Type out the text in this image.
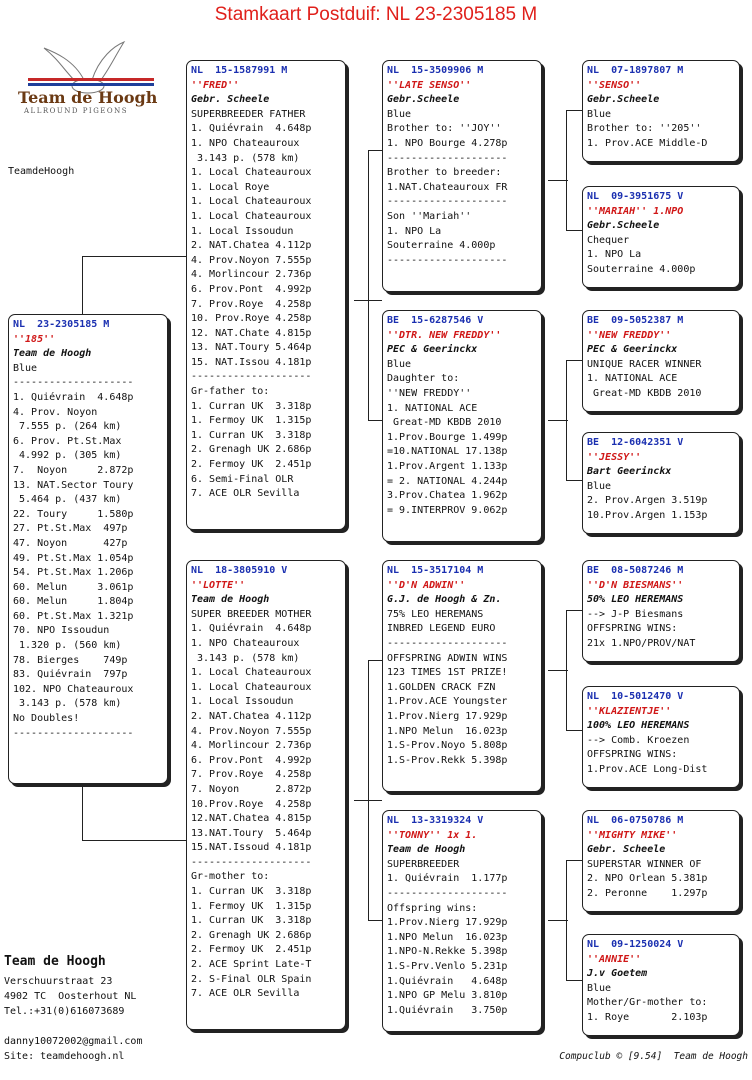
Stamkaart Postduif: NL 23-2305185 M
Team de Hoogh
ALLROUND PIGEONS
TeamdeHoogh
NL  23-2305185 M
''185''
Team de Hoogh
Blue
--------------------
1. Quiévrain  4.648p
4. Prov. Noyon
7.555 p. (264 km)
6. Prov. Pt.St.Max
4.992 p. (305 km)
7.  Noyon     2.872p
13. NAT.Sector Toury
5.464 p. (437 km)
22. Toury     1.580p
27. Pt.St.Max  497p
47. Noyon      427p
49. Pt.St.Max 1.054p
54. Pt.St.Max 1.206p
60. Melun     3.061p
60. Melun     1.804p
60. Pt.St.Max 1.321p
70. NPO Issoudun
1.320 p. (560 km)
78. Bierges    749p
83. Quiévrain  797p
102. NPO Chateauroux
3.143 p. (578 km)
No Doubles!
--------------------
NL  15-1587991 M
''FRED''
Gebr. Scheele
SUPERBREEDER FATHER
1. Quiévrain  4.648p
1. NPO Chateauroux
3.143 p. (578 km)
1. Local Chateauroux
1. Local Roye
1. Local Chateauroux
1. Local Chateauroux
1. Local Issoudun
2. NAT.Chatea 4.112p
4. Prov.Noyon 7.555p
4. Morlincour 2.736p
6. Prov.Pont  4.992p
7. Prov.Roye  4.258p
10. Prov.Roye 4.258p
12. NAT.Chate 4.815p
13. NAT.Toury 5.464p
15. NAT.Issou 4.181p
--------------------
Gr-father to:
1. Curran UK  3.318p
1. Fermoy UK  1.315p
1. Curran UK  3.318p
2. Grenagh UK 2.686p
2. Fermoy UK  2.451p
6. Semi-Final OLR
7. ACE OLR Sevilla
NL  18-3805910 V
''LOTTE''
Team de Hoogh
SUPER BREEDER MOTHER
1. Quiévrain  4.648p
1. NPO Chateauroux
3.143 p. (578 km)
1. Local Chateauroux
1. Local Chateauroux
1. Local Issoudun
2. NAT.Chatea 4.112p
4. Prov.Noyon 7.555p
4. Morlincour 2.736p
6. Prov.Pont  4.992p
7. Prov.Roye  4.258p
7. Noyon      2.872p
10.Prov.Roye  4.258p
12.NAT.Chatea 4.815p
13.NAT.Toury  5.464p
15.NAT.Issoud 4.181p
--------------------
Gr-mother to:
1. Curran UK  3.318p
1. Fermoy UK  1.315p
1. Curran UK  3.318p
2. Grenagh UK 2.686p
2. Fermoy UK  2.451p
2. ACE Sprint Late-T
2. S-Final OLR Spain
7. ACE OLR Sevilla
NL  15-3509906 M
''LATE SENSO''
Gebr.Scheele
Blue
Brother to: ''JOY''
1. NPO Bourge 4.278p
--------------------
Brother to breeder:
1.NAT.Chateauroux FR
--------------------
Son ''Mariah''
1. NPO La
Souterraine 4.000p
--------------------
BE  15-6287546 V
''DTR. NEW FREDDY''
PEC & Geerinckx
Blue
Daughter to:
''NEW FREDDY''
1. NATIONAL ACE
Great-MD KBDB 2010
1.Prov.Bourge 1.499p
=10.NATIONAL 17.138p
1.Prov.Argent 1.133p
= 2. NATIONAL 4.244p
3.Prov.Chatea 1.962p
= 9.INTERPROV 9.062p
NL  15-3517104 M
''D'N ADWIN''
G.J. de Hoogh & Zn.
75% LEO HEREMANS
INBRED LEGEND EURO
--------------------
OFFSPRING ADWIN WINS
123 TIMES 1ST PRIZE!
1.GOLDEN CRACK FZN
1.Prov.ACE Youngster
1.Prov.Nierg 17.929p
1.NPO Melun  16.023p
1.S-Prov.Noyo 5.808p
1.S-Prov.Rekk 5.398p
NL  13-3319324 V
''TONNY'' 1x 1.
Team de Hoogh
SUPERBREEDER
1. Quiévrain  1.177p
--------------------
Offspring wins:
1.Prov.Nierg 17.929p
1.NPO Melun  16.023p
1.NPO-N.Rekke 5.398p
1.S-Prv.Venlo 5.231p
1.Quiévrain   4.648p
1.NPO GP Melu 3.810p
1.Quiévrain   3.750p
NL  07-1897807 M
''SENSO''
Gebr.Scheele
Blue
Brother to: ''205''
1. Prov.ACE Middle-D
NL  09-3951675 V
''MARIAH'' 1.NPO
Gebr.Scheele
Chequer
1. NPO La
Souterraine 4.000p
BE  09-5052387 M
''NEW FREDDY''
PEC & Geerinckx
UNIQUE RACER WINNER
1. NATIONAL ACE
Great-MD KBDB 2010
BE  12-6042351 V
''JESSY''
Bart Geerinckx
Blue
2. Prov.Argen 3.519p
10.Prov.Argen 1.153p
BE  08-5087246 M
''D'N BIESMANS''
50% LEO HEREMANS
--> J-P Biesmans
OFFSPRING WINS:
21x 1.NPO/PROV/NAT
NL  10-5012470 V
''KLAZIENTJE''
100% LEO HEREMANS
--> Comb. Kroezen
OFFSPRING WINS:
1.Prov.ACE Long-Dist
NL  06-0750786 M
''MIGHTY MIKE''
Gebr. Scheele
SUPERSTAR WINNER OF
2. NPO Orlean 5.381p
2. Peronne    1.297p
NL  09-1250024 V
''ANNIE''
J.v Goetem
Blue
Mother/Gr-mother to:
1. Roye       2.103p
Team de Hoogh
Verschuurstraat 23
4902 TC  Oosterhout NL
Tel.:+31(0)616073689
danny10072002@gmail.com
Site: teamdehoogh.nl	Compuclub © [9.54]  Team de Hoogh
